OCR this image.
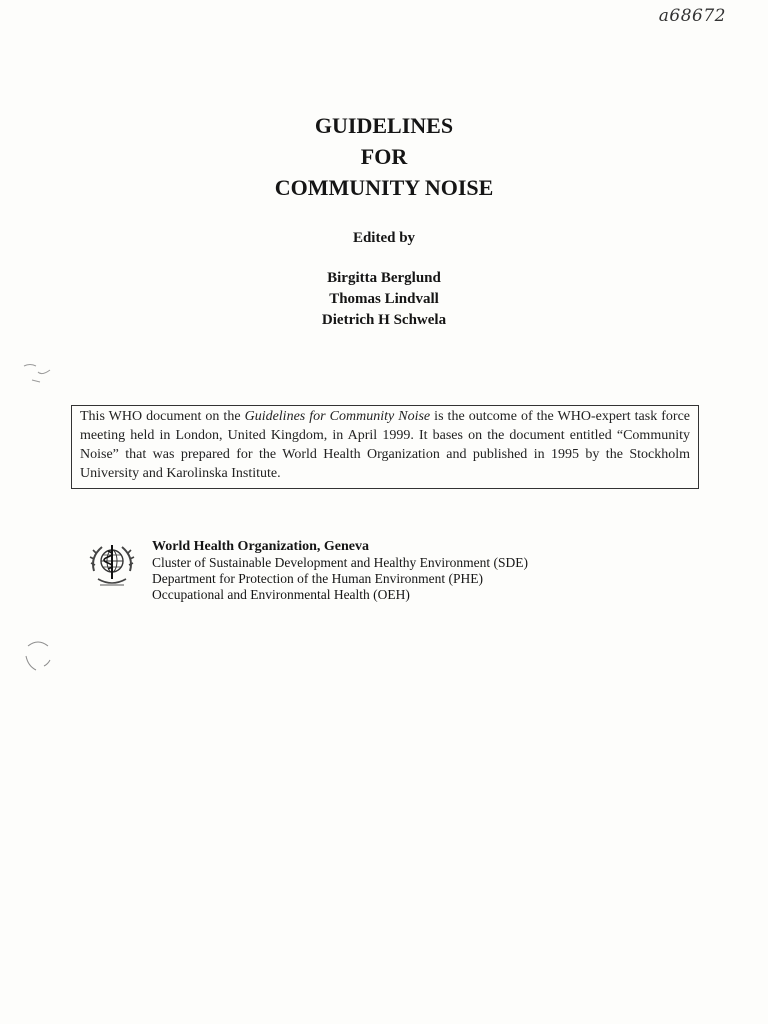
a68672

GUIDELINES

FOR

COMMUNITY NOISE

Edited by

Birgitta Berglund

Thomas Lindvall

Dietrich H Schwela

This WHO document on the Guidelines for Community Noise is the outcome of the WHO-expert task force meeting held in London, United Kingdom, in April 1999. It bases on the document entitled “Community Noise” that was prepared for the World Health Organization and published in 1995 by the Stockholm University and Karolinska Institute.

World Health Organization, Geneva

Cluster of Sustainable Development and Healthy Environment (SDE)

Department for Protection of the Human Environment (PHE)

Occupational and Environmental Health (OEH)
